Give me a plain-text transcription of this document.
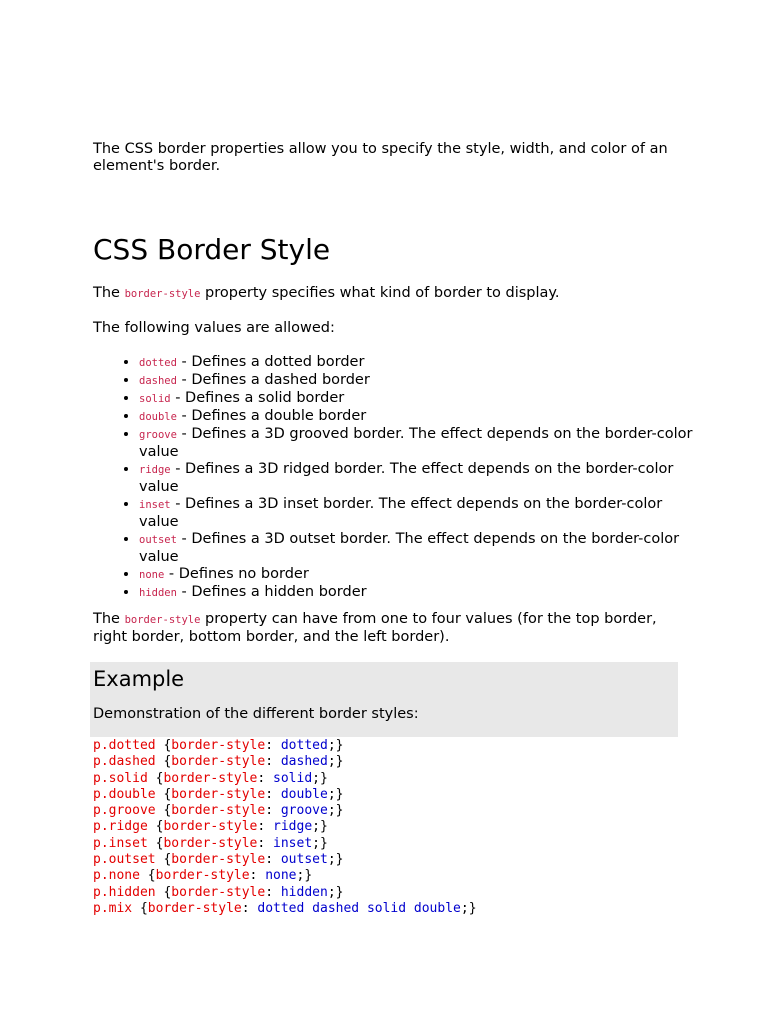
The CSS border properties allow you to specify the style, width, and color of an element's border.

CSS Border Style

The border-style property specifies what kind of border to display.

The following values are allowed:

• dotted - Defines a dotted border
• dashed - Defines a dashed border
• solid - Defines a solid border
• double - Defines a double border
• groove - Defines a 3D grooved border. The effect depends on the border-color value
• ridge - Defines a 3D ridged border. The effect depends on the border-color value
• inset - Defines a 3D inset border. The effect depends on the border-color value
• outset - Defines a 3D outset border. The effect depends on the border-color value
• none - Defines no border
• hidden - Defines a hidden border

The border-style property can have from one to four values (for the top border, right border, bottom border, and the left border).

Example

Demonstration of the different border styles:

p.dotted {border-style: dotted;}
p.dashed {border-style: dashed;}
p.solid {border-style: solid;}
p.double {border-style: double;}
p.groove {border-style: groove;}
p.ridge {border-style: ridge;}
p.inset {border-style: inset;}
p.outset {border-style: outset;}
p.none {border-style: none;}
p.hidden {border-style: hidden;}
p.mix {border-style: dotted dashed solid double;}
